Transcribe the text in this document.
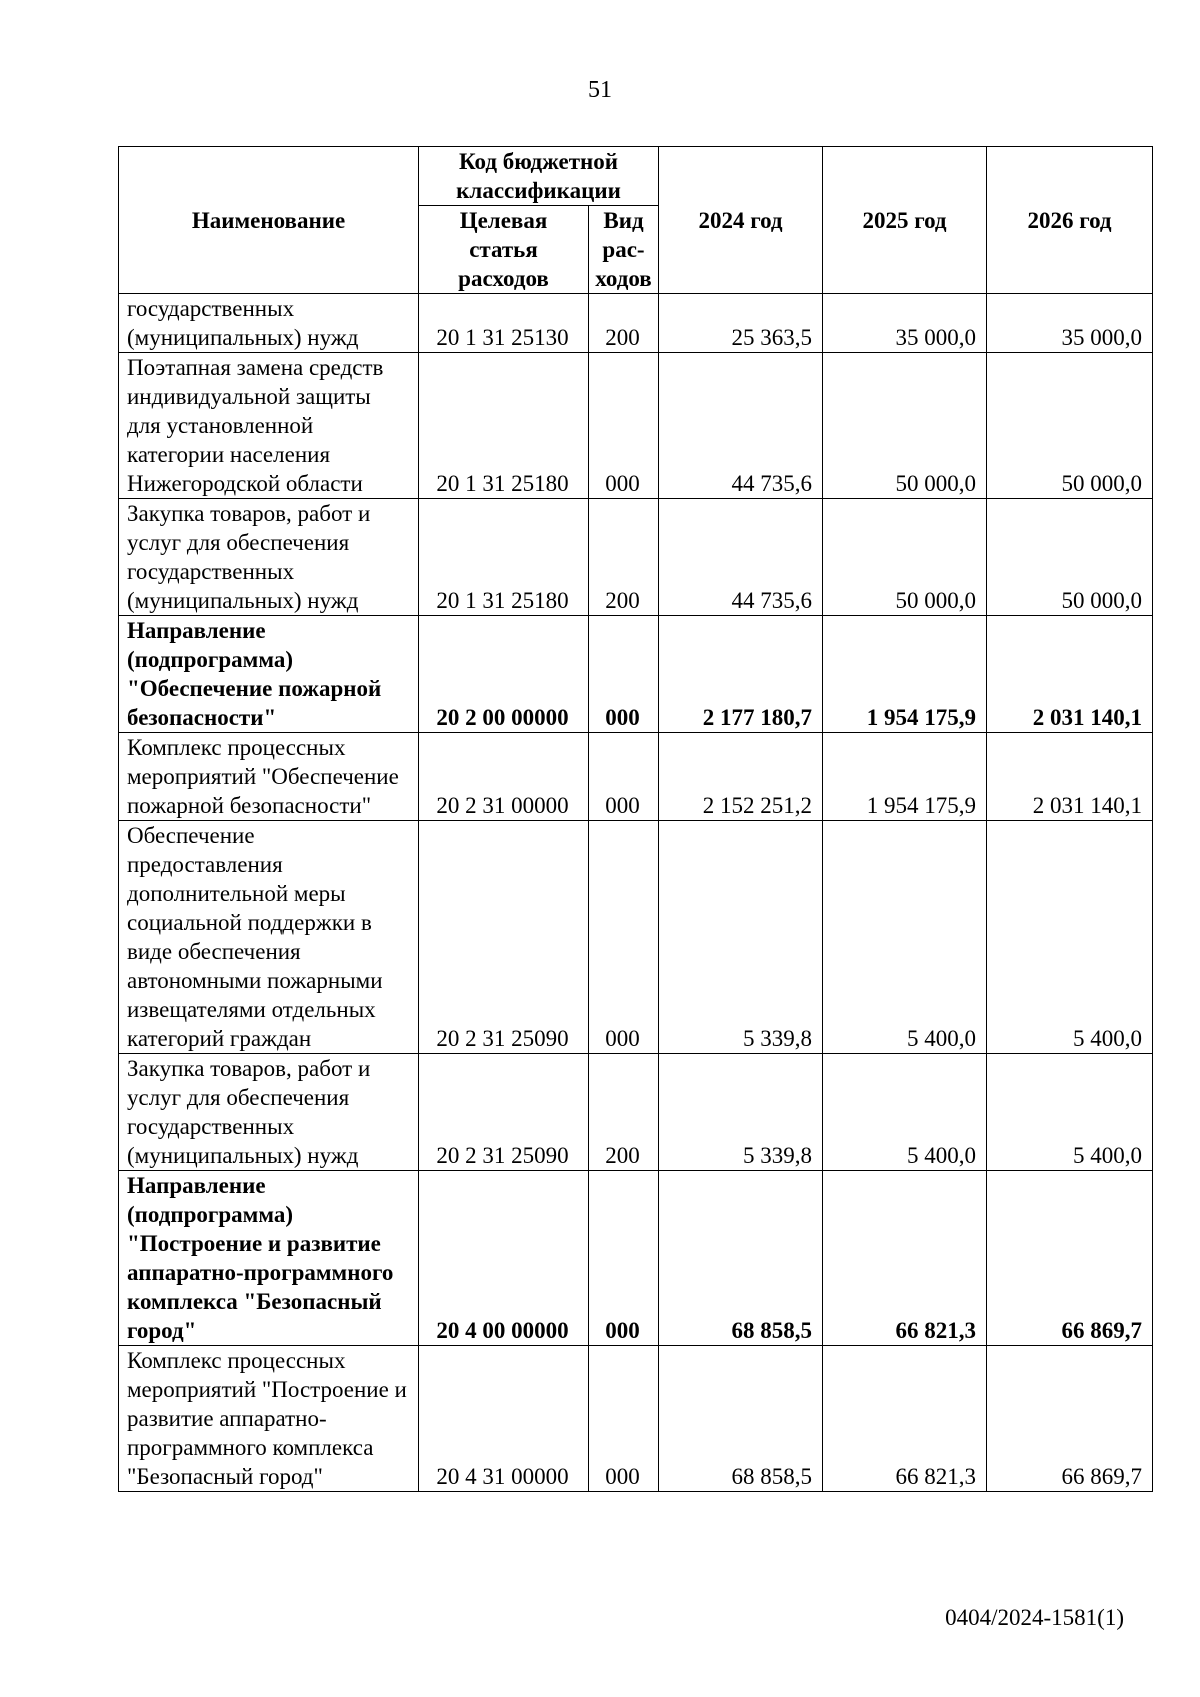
51
Наименование	Код бюджетной классификации		2024 год	2025 год	2026 год
	Целевая статья расходов	Вид рас-ходов			
государственных (муниципальных) нужд	20 1 31 25130	200	25 363,5	35 000,0	35 000,0
Поэтапная замена средств индивидуальной защиты для установленной категории населения Нижегородской области	20 1 31 25180	000	44 735,6	50 000,0	50 000,0
Закупка товаров, работ и услуг для обеспечения государственных (муниципальных) нужд	20 1 31 25180	200	44 735,6	50 000,0	50 000,0
Направление (подпрограмма) "Обеспечение пожарной безопасности"	20 2 00 00000	000	2 177 180,7	1 954 175,9	2 031 140,1
Комплекс процессных мероприятий "Обеспечение пожарной безопасности"	20 2 31 00000	000	2 152 251,2	1 954 175,9	2 031 140,1
Обеспечение предоставления дополнительной меры социальной поддержки в виде обеспечения автономными пожарными извещателями отдельных категорий граждан	20 2 31 25090	000	5 339,8	5 400,0	5 400,0
Закупка товаров, работ и услуг для обеспечения государственных (муниципальных) нужд	20 2 31 25090	200	5 339,8	5 400,0	5 400,0
Направление (подпрограмма) "Построение и развитие аппаратно-программного комплекса "Безопасный город"	20 4 00 00000	000	68 858,5	66 821,3	66 869,7
Комплекс процессных мероприятий "Построение и развитие аппаратно-программного комплекса "Безопасный город"	20 4 31 00000	000	68 858,5	66 821,3	66 869,7
0404/2024-1581(1)
